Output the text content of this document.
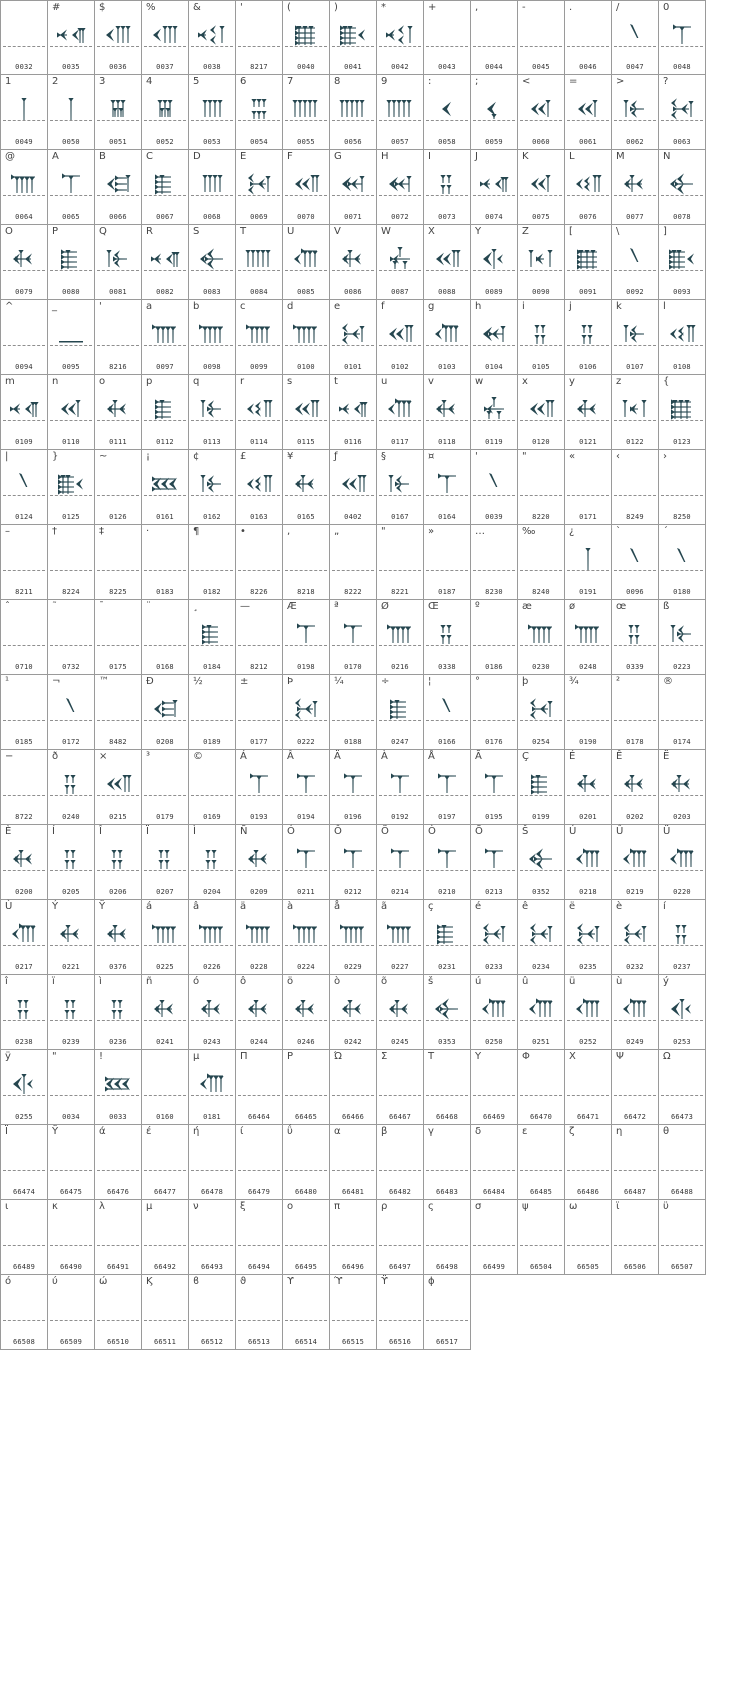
0032
#
0035
$
0036
%
0037
&
0038
'
8217
(
0040
)
0041
*
0042
+
0043
,
0044
-
0045
.
0046
/
0047
0
0048
1
0049
2
0050
3
0051
4
0052
5
0053
6
0054
7
0055
8
0056
9
0057
:
0058
;
0059
<
0060
=
0061
>
0062
?
0063
@
0064
A
0065
B
0066
C
0067
D
0068
E
0069
F
0070
G
0071
H
0072
I
0073
J
0074
K
0075
L
0076
M
0077
N
0078
O
0079
P
0080
Q
0081
R
0082
S
0083
T
0084
U
0085
V
0086
W
0087
X
0088
Y
0089
Z
0090
[
0091
\
0092
]
0093
^
0094
_
0095
'
8216
a
0097
b
0098
c
0099
d
0100
e
0101
f
0102
g
0103
h
0104
i
0105
j
0106
k
0107
l
0108
m
0109
n
0110
o
0111
p
0112
q
0113
r
0114
s
0115
t
0116
u
0117
v
0118
w
0119
x
0120
y
0121
z
0122
{
0123
|
0124
}
0125
~
0126
¡
0161
¢
0162
£
0163
¥
0165
ƒ
0402
§
0167
¤
0164
'
0039
"
8220
«
0171
‹
8249
›
8250
–
8211
†
8224
‡
8225
·
0183
¶
0182
•
8226
,
8218
„
8222
"
8221
»
0187
…
8230
‰
8240
¿
0191
`
0096
´
0180
ˆ
0710
˜
0732
¯
0175
¨
0168
¸
0184
—
8212
Æ
0198
ª
0170
Ø
0216
Œ
0338
º
0186
æ
0230
ø
0248
œ
0339
ß
0223
¹
0185
¬
0172
™
8482
Ð
0208
½
0189
±
0177
Þ
0222
¼
0188
÷
0247
¦
0166
°
0176
þ
0254
¾
0190
²
0178
®
0174
−
8722
ð
0240
×
0215
³
0179
©
0169
Á
0193
Â
0194
Ä
0196
À
0192
Å
0197
Ã
0195
Ç
0199
É
0201
Ê
0202
Ë
0203
È
0200
Í
0205
Î
0206
Ï
0207
Ì
0204
Ñ
0209
Ó
0211
Ô
0212
Ö
0214
Ò
0210
Õ
0213
Š
0352
Ú
0218
Û
0219
Ü
0220
Ù
0217
Ý
0221
Ÿ
0376
á
0225
â
0226
ä
0228
à
0224
å
0229
ã
0227
ç
0231
é
0233
ê
0234
ë
0235
è
0232
í
0237
î
0238
ï
0239
ì
0236
ñ
0241
ó
0243
ô
0244
ö
0246
ò
0242
õ
0245
š
0353
ú
0250
û
0251
ü
0252
ù
0249
ý
0253
ÿ
0255
"
0034
!
0033	0160
µ
0181
Π
66464
Ρ
66465
Ώ
66466
Σ
66467
Τ
66468
Υ
66469
Φ
66470
Χ
66471
Ψ
66472
Ω
66473
Ϊ
66474
Ϋ
66475
ά
66476
έ
66477
ή
66478
ί
66479
ΰ
66480
α
66481
β
66482
γ
66483
δ
66484
ε
66485
ζ
66486
η
66487
θ
66488
ι
66489
κ
66490
λ
66491
μ
66492
ν
66493
ξ
66494
ο
66495
π
66496
ρ
66497
ς
66498
σ
66499
ψ
66504
ω
66505
ϊ
66506
ϋ
66507
ό
66508
ύ
66509
ώ
66510
Ϗ
66511
ϐ
66512
ϑ
66513
ϒ
66514
ϓ
66515
ϔ
66516
ϕ
66517
